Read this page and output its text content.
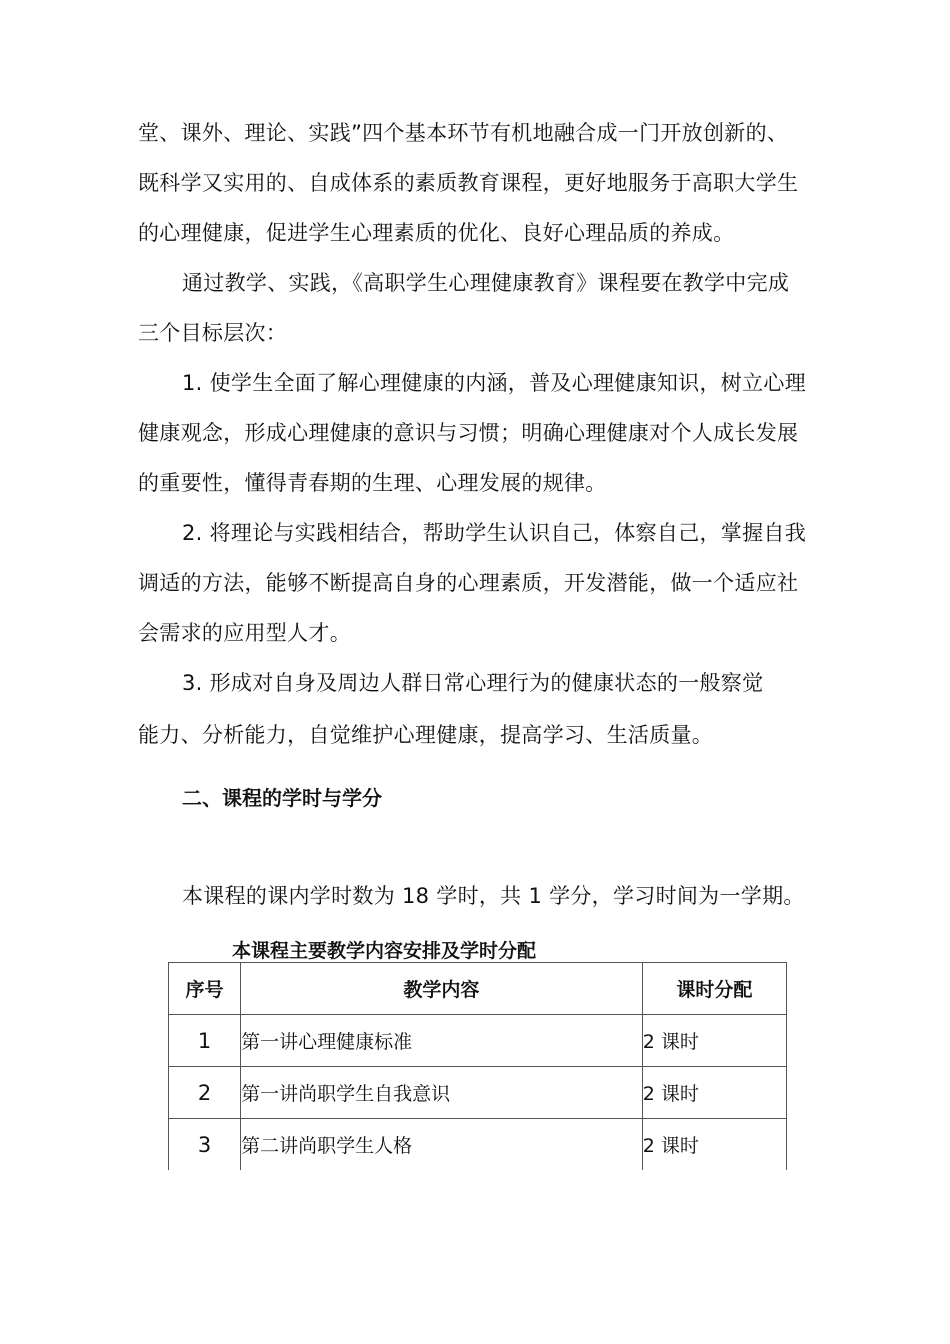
堂、课外、理论、实践”四个基本环节有机地融合成一门开放创新的、
既科学又实用的、自成体系的素质教育课程，更好地服务于高职大学生
的心理健康，促进学生心理素质的优化、良好心理品质的养成。
通过教学、实践，《高职学生心理健康教育》课程要在教学中完成
三个目标层次：
1. 使学生全面了解心理健康的内涵，普及心理健康知识，树立心理
健康观念，形成心理健康的意识与习惯；明确心理健康对个人成长发展
的重要性，懂得青春期的生理、心理发展的规律。
2. 将理论与实践相结合，帮助学生认识自己，体察自己，掌握自我
调适的方法，能够不断提高自身的心理素质，开发潜能，做一个适应社
会需求的应用型人才。
3. 形成对自身及周边人群日常心理行为的健康状态的一般察觉
能力、分析能力，自觉维护心理健康，提高学习、生活质量。
二、课程的学时与学分
本课程的课内学时数为 18 学时，共 1 学分，学习时间为一学期。
本课程主要教学内容安排及学时分配
序号	教学内容	课时分配
1	第一讲心理健康标准	2 课时
2	第一讲尚职学生自我意识	2 课时
3	第二讲尚职学生人格	2 课时
